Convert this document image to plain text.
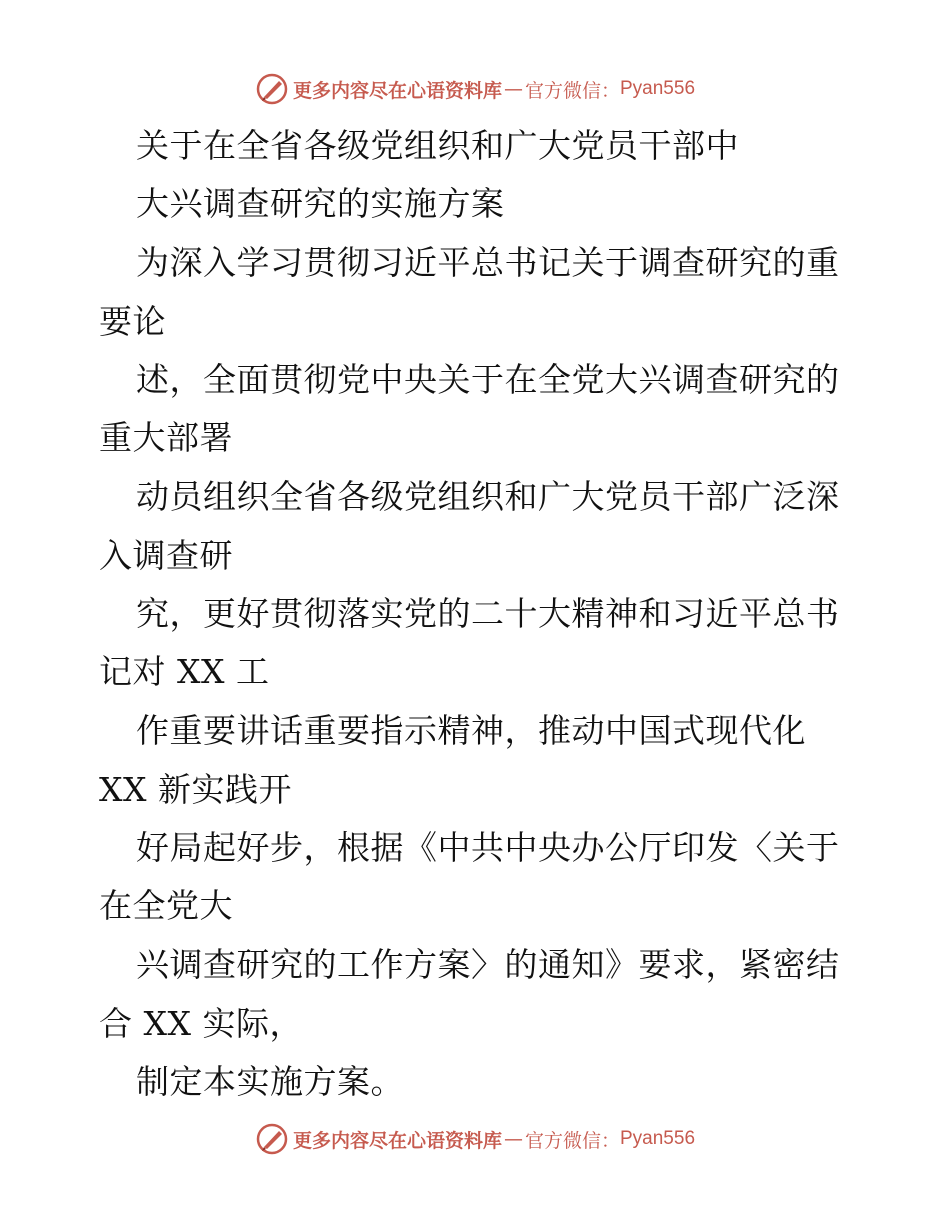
更多内容尽在心语资料库 — 官方微信： Pyan556
关于在全省各级党组织和广大党员干部中
大兴调查研究的实施方案
为深入学习贯彻习近平总书记关于调查研究的重
要论
述，全面贯彻党中央关于在全党大兴调查研究的
重大部署
动员组织全省各级党组织和广大党员干部广泛深
入调查研
究，更好贯彻落实党的二十大精神和习近平总书
记对 XX 工
作重要讲话重要指示精神，推动中国式现代化
XX 新实践开
好局起好步，根据《中共中央办公厅印发〈关于
在全党大
兴调查研究的工作方案〉的通知》要求，紧密结
合 XX 实际，
制定本实施方案。
更多内容尽在心语资料库 — 官方微信： Pyan556
